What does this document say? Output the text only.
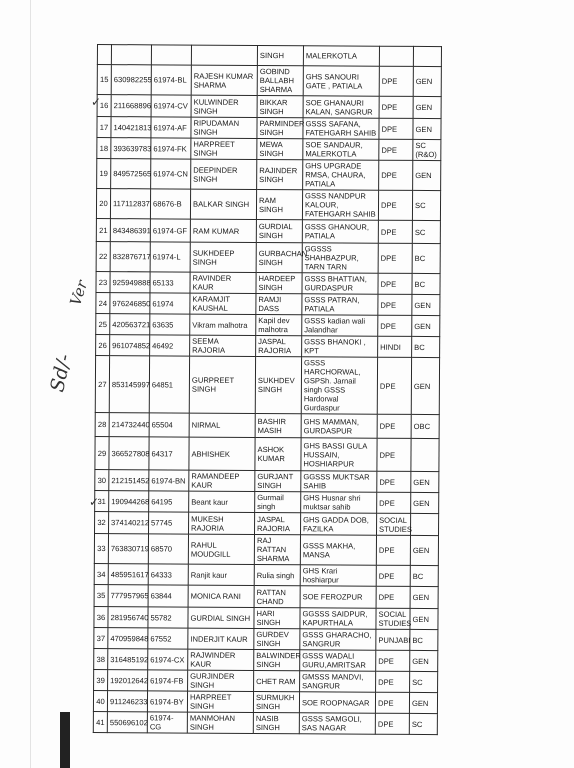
				SINGH	MALERKOTLA		
15	630982255	61974-BL	RAJESH KUMAR SHARMA	GOBIND BALLABH SHARMA	GHS SANOURI GATE , PATIALA	DPE	GEN
16	211668896	61974-CV	KULWINDER SINGH	BIKKAR SINGH	SOE GHANAURI KALAN, SANGRUR	DPE	GEN
17	140421813	61974-AF	RIPUDAMAN SINGH	PARMINDER SINGH	GSSS SAFANA, FATEHGARH SAHIB	DPE	GEN
18	393639783	61974-FK	HARPREET SINGH	MEWA SINGH	SOE SANDAUR, MALERKOTLA	DPE	SC (R&O)
19	849572565	61974-CN	DEEPINDER SINGH	RAJINDER SINGH	GHS UPGRADE RMSA, CHAURA, PATIALA	DPE	GEN
20	117112837	68676-B	BALKAR SINGH	RAM SINGH	GSSS NANDPUR KALOUR, FATEHGARH SAHIB	DPE	SC
21	843486391	61974-GF	RAM KUMAR	GURDIAL SINGH	GSSS GHANOUR, PATIALA	DPE	SC
22	832876717	61974-L	SUKHDEEP SINGH	GURBACHAN SINGH	GGSSS SHAHBAZPUR, TARN TARN	DPE	BC
23	925949888	65133	RAVINDER KAUR	HARDEEP SINGH	GSSS BHATTIAN, GURDASPUR	DPE	BC
24	976246850	61974	KARAMJIT KAUSHAL	RAMJI DASS	GSSS PATRAN, PATIALA	DPE	GEN
25	420563721	63635	Vikram malhotra	Kapil dev malhotra	GSSS kadian wali Jalandhar	DPE	GEN
26	961074852	46492	SEEMA RAJORIA	JASPAL RAJORIA	GSSS BHANOKI , KPT	HINDI	BC
27	853145997	64851	GURPREET SINGH	SUKHDEV SINGH	GSSS HARCHORWAL, GSPSh. Jarnail singh GSSS Hardorwal Gurdaspur	DPE	GEN
28	214732440	65504	NIRMAL	BASHIR MASIH	GHS MAMMAN, GURDASPUR	DPE	OBC
29	366527808	64317	ABHISHEK	ASHOK KUMAR	GHS BASSI GULA HUSSAIN, HOSHIARPUR	DPE	
30	212151452	61974-BN	RAMANDEEP KAUR	GURJANT SINGH	GGSSS MUKTSAR SAHIB	DPE	GEN
31	190944268	64195	Beant kaur	Gurmail singh	GHS Husnar shri muktsar sahib	DPE	GEN
32	374140212	57745	MUKESH RAJORIA	JASPAL RAJORIA	GHS GADDA DOB, FAZILKA	SOCIAL STUDIES	
33	763830719	68570	RAHUL MOUDGILL	RAJ RATTAN SHARMA	GSSS MAKHA, MANSA	DPE	GEN
34	485951617	64333	Ranjit kaur	Rulia singh	GHS Krari hoshiarpur	DPE	BC
35	777957965	63844	MONICA RANI	RATTAN CHAND	SOE FEROZPUR	DPE	GEN
36	281956740	55782	GURDIAL SINGH	HARI SINGH	GGSSS SAIDPUR, KAPURTHALA	SOCIAL STUDIES	GEN
37	470959848	67552	INDERJIT KAUR	GURDEV SINGH	GSSS GHARACHO, SANGRUR	PUNJABI	BC
38	316485192	61974-CX	RAJWINDER KAUR	BALWINDER SINGH	GSSS WADALI GURU,AMRITSAR	DPE	GEN
39	192012642	61974-FB	GURJINDER SINGH	CHET RAM	GMSSS MANDVI, SANGRUR	DPE	SC
40	911246233	61974-BY	HARPREET SINGH	SURMUKH SINGH	SOE ROOPNAGAR	DPE	GEN
41	550696102	61974-CG	MANMOHAN SINGH	NASIB SINGH	GSSS SAMGOLI, SAS NAGAR	DPE	SC
Ver
Sd/-
✓
✓
